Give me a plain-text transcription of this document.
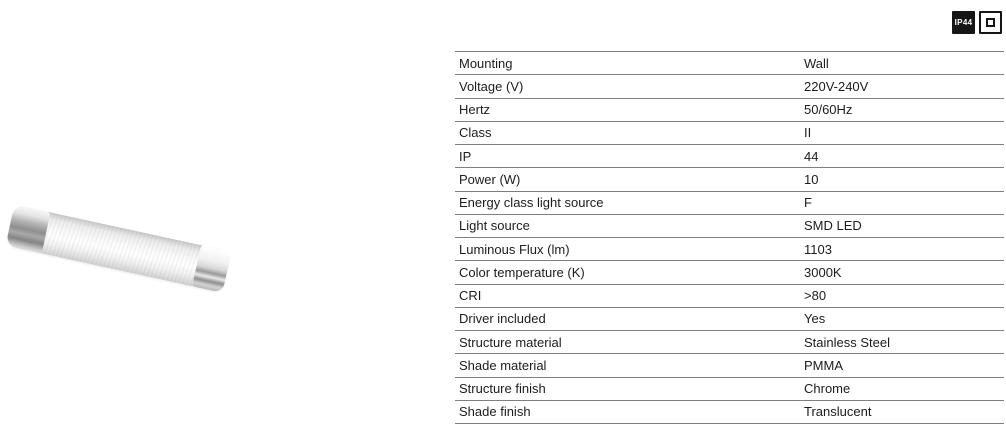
IP44
Mounting	Wall
Voltage (V)	220V-240V
Hertz	50/60Hz
Class	II
IP	44
Power (W)	10
Energy class light source	F
Light source	SMD LED
Luminous Flux (lm)	1103
Color temperature (K)	3000K
CRI	>80
Driver included	Yes
Structure material	Stainless Steel
Shade material	PMMA
Structure finish	Chrome
Shade finish	Translucent
